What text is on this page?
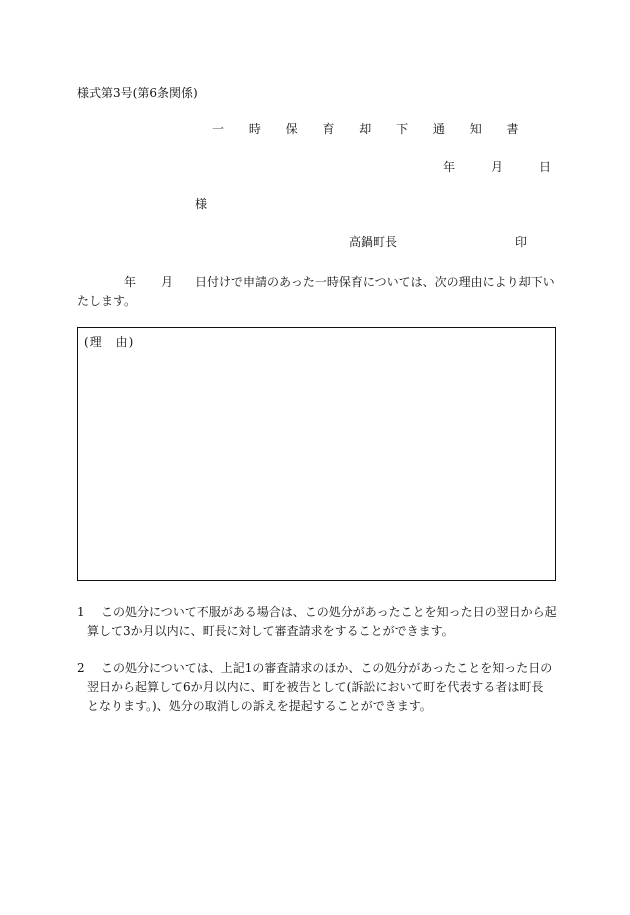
様式第3号(第6条関係)
一 時 保 育 却 下 通 知 書
年	月	日
様
高鍋町長	印
年 月 日付けで申請のあった一時保育については、次の理由により却下い
たします。
(理　由)
1 この処分について不服がある場合は、この処分があったことを知った日の翌日から起
算して3か月以内に、町長に対して審査請求をすることができます。
2 この処分については、上記1の審査請求のほか、この処分があったことを知った日の
翌日から起算して6か月以内に、町を被告として(訴訟において町を代表する者は町長
となります。)、処分の取消しの訴えを提起することができます。
